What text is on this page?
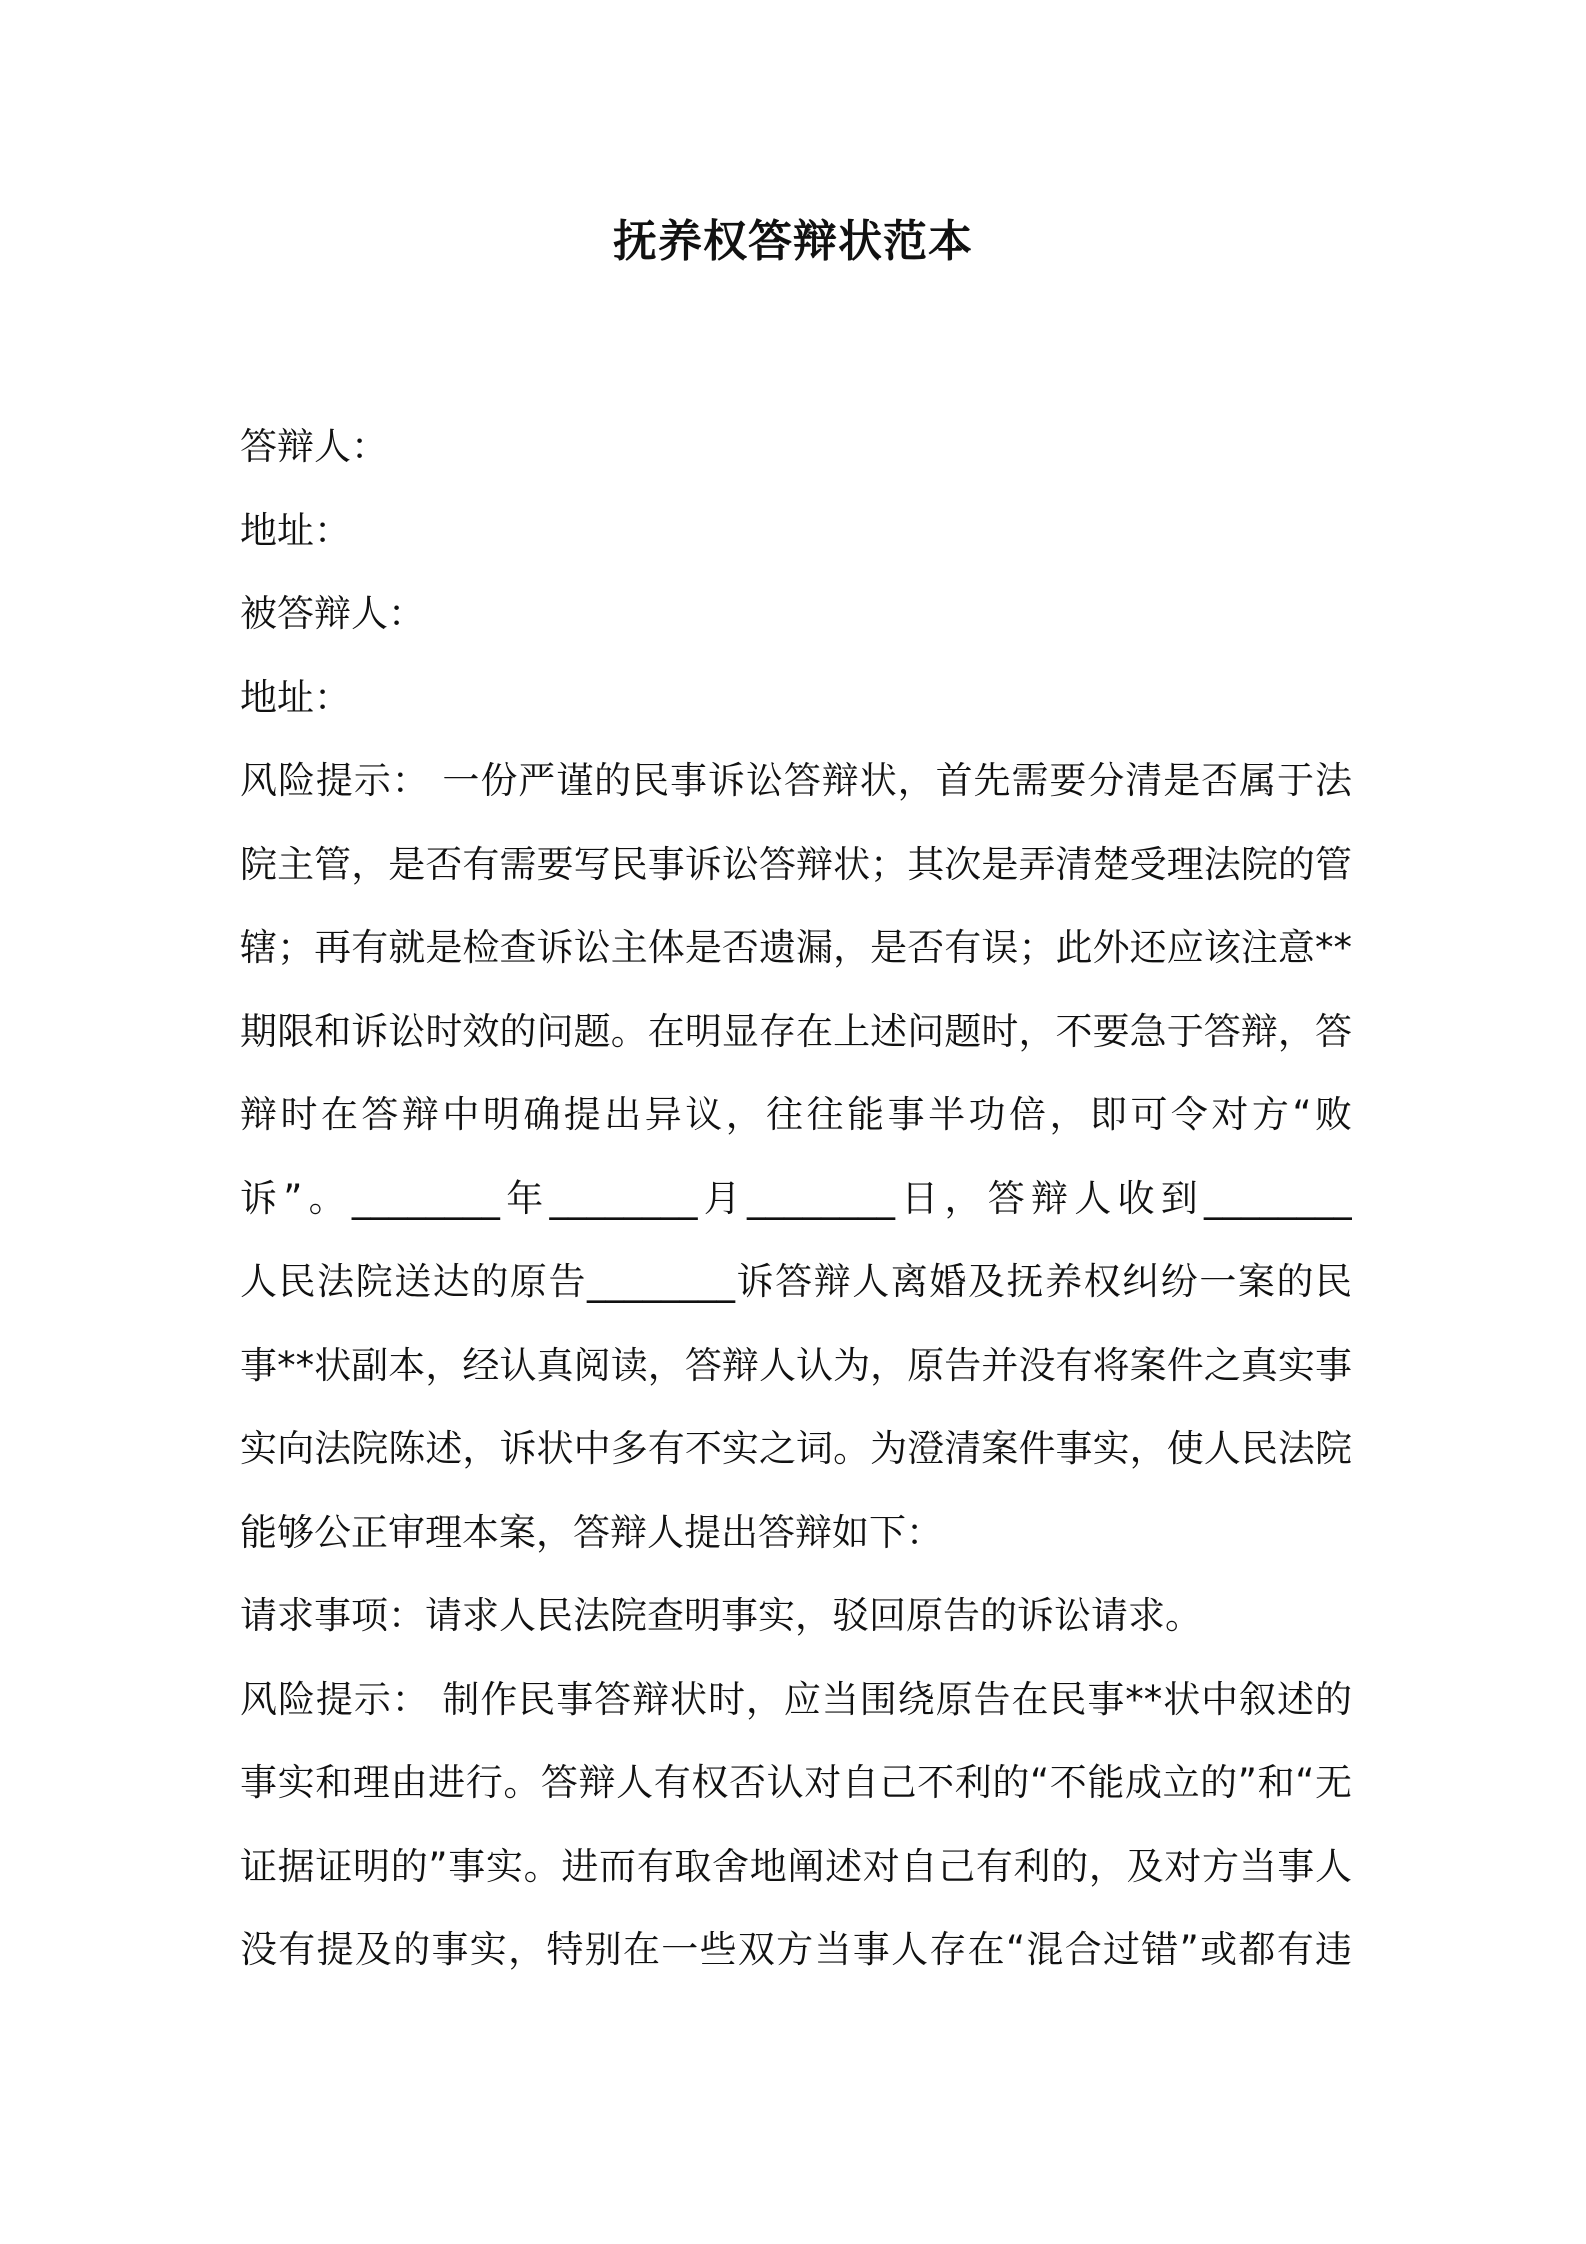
抚养权答辩状范本
答辩人：
地址：
被答辩人：
地址：
风险提示： 一份严谨的民事诉讼答辩状，首先需要分清是否属于法
院主管，是否有需要写民事诉讼答辩状；其次是弄清楚受理法院的管
辖；再有就是检查诉讼主体是否遗漏，是否有误；此外还应该注意**
期限和诉讼时效的问题。在明显存在上述问题时，不要急于答辩，答
辩时在答辩中明确提出异议，往往能事半功倍，即可令对方“败
诉”。________年________月________日，答辩人收到________
人民法院送达的原告________诉答辩人离婚及抚养权纠纷一案的民
事**状副本，经认真阅读，答辩人认为，原告并没有将案件之真实事
实向法院陈述，诉状中多有不实之词。为澄清案件事实，使人民法院
能够公正审理本案，答辩人提出答辩如下：
请求事项：请求人民法院查明事实，驳回原告的诉讼请求。
风险提示： 制作民事答辩状时，应当围绕原告在民事**状中叙述的
事实和理由进行。答辩人有权否认对自己不利的“不能成立的”和“无
证据证明的”事实。进而有取舍地阐述对自己有利的，及对方当事人
没有提及的事实，特别在一些双方当事人存在“混合过错”或都有违
